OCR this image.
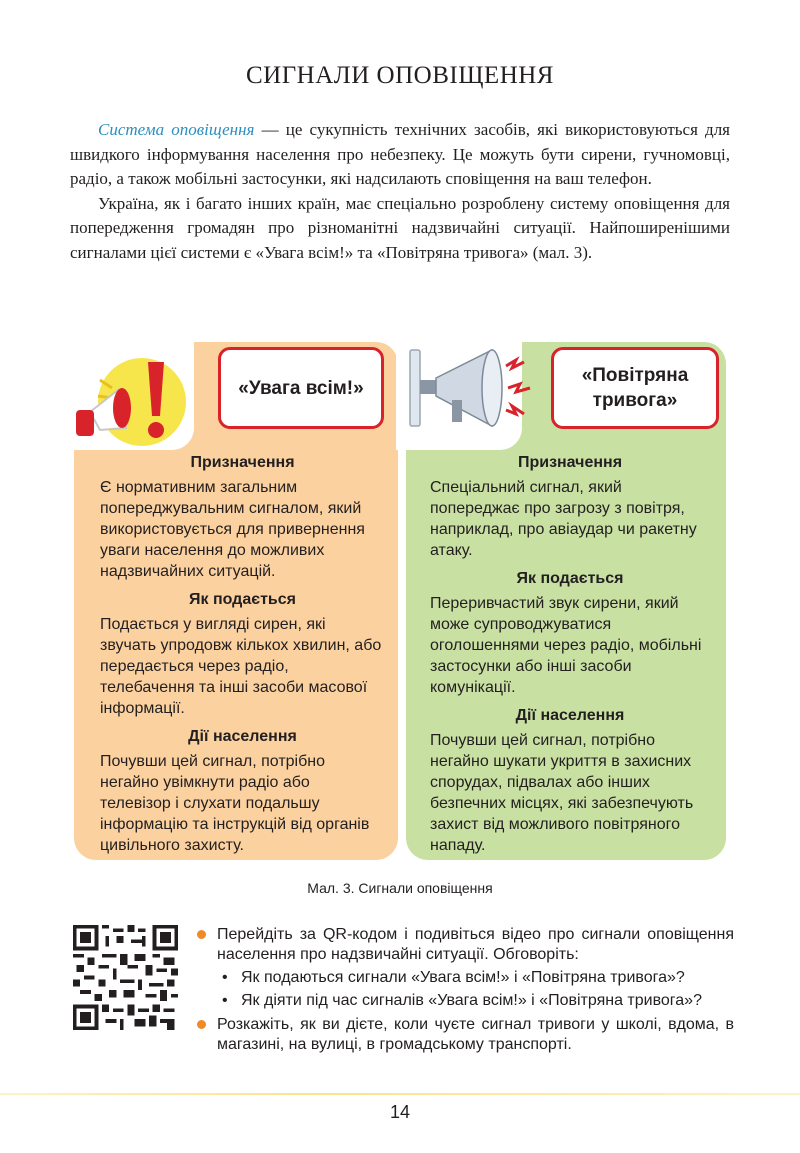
СИГНАЛИ ОПОВІЩЕННЯ

Система оповіщення — це сукупність технічних засобів, які використовуються для швидкого інформування населення про небезпеку. Це можуть бути сирени, гучномовці, радіо, а також мобільні застосунки, які надсилають сповіщення на ваш телефон.

Україна, як і багато інших країн, має спеціально розроблену систему оповіщення для попередження громадян про різноманітні надзвичайні ситуації. Найпоширенішими сигналами цієї системи є «Увага всім!» та «Повітряна тривога» (мал. 3).

«Увага всім!»
Призначення

Є нормативним загальним попереджувальним сигналом, який використовується для привернення уваги населення до можливих надзвичайних ситуацій.

Як подається

Подається у вигляді сирен, які звучать упродовж кількох хвилин, або передається через радіо, телебачення та інші засоби масової інформації.

Дії населення

Почувши цей сигнал, потрібно негайно увімкнути радіо або телевізор і слухати подальшу інформацію та інструкцій від органів цивільного захисту.

«Повітряна
тривога»
Призначення

Спеціальний сигнал, який попереджає про загрозу з повітря, наприклад, про авіаудар чи ракетну атаку.

Як подається

Переривчастий звук сирени, який може супроводжуватися оголошеннями через радіо, мобільні застосунки або інші засоби комунікації.

Дії населення

Почувши цей сигнал, потрібно негайно шукати укриття в захисних спорудах, підвалах або інших безпечних місцях, які забезпечують захист від можливого повітряного нападу.

Мал. 3. Сигнали оповіщення
Перейдіть за QR-кодом і подивіться відео про сигнали оповіщення населення про надзвичайні ситуації. Обговоріть:
• Як подаються сигнали «Увага всім!» і «Повітряна тривога»?
• Як діяти під час сигналів «Увага всім!» і «Повітряна тривога»?
Розкажіть, як ви дієте, коли чуєте сигнал тривоги у школі, вдома, в магазині, на вулиці, в громадському транспорті.
14
